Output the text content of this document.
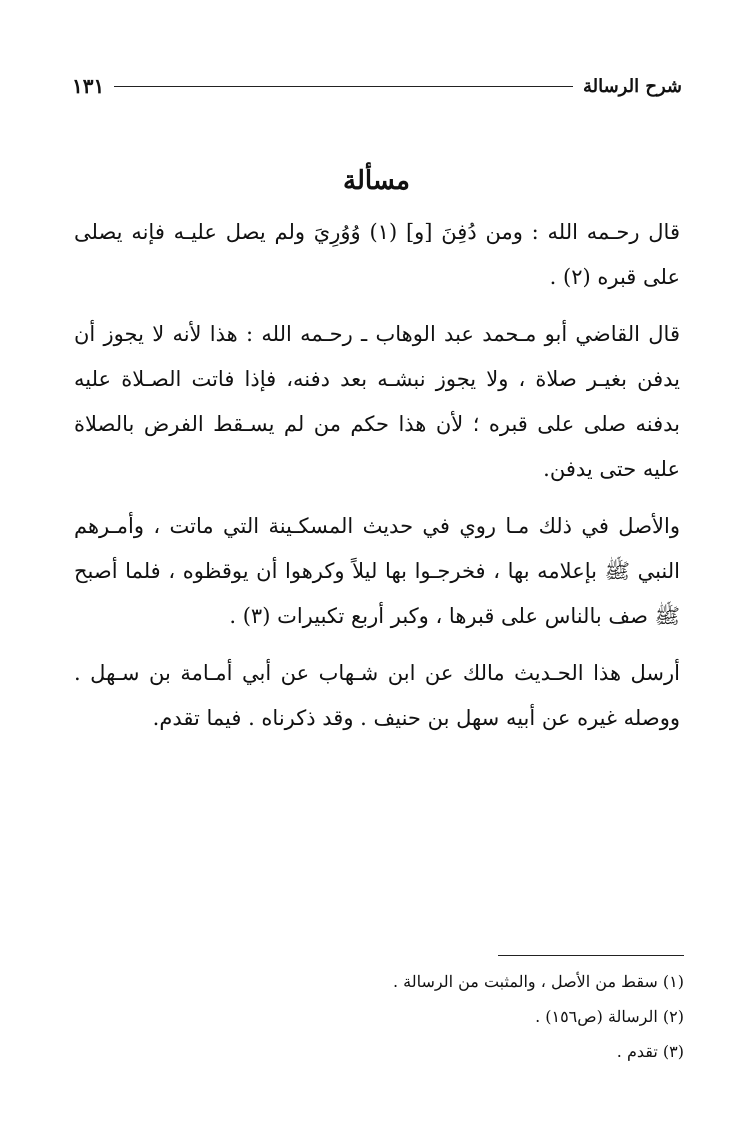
شرح الرسالة
١٣١
مسألة

قال رحـمه الله : ومن دُفِنَ [و] (١) وُوُرِيَ ولم يصل عليـه فإنه يصلى على قبره (٢) .

قال القاضي أبو مـحمد عبد الوهاب ـ رحـمه الله : هذا لأنه لا يجوز أن يدفن بغيـر صلاة ، ولا يجوز نبشـه بعد دفنه، فإذا فاتت الصـلاة عليه بدفنه صلى على قبره ؛ لأن هذا حكم من لم يسـقط الفرض بالصلاة عليه حتى يدفن.

والأصل في ذلك مـا روي في حديث المسكـينة التي ماتت ، وأمـرهم النبي ﷺ بإعلامه بها ، فخرجـوا بها ليلاً وكرهوا أن يوقظوه ، فلما أصبح ﷺ صف بالناس على قبرها ، وكبر أربع تكبيرات (٣) .

أرسل هذا الحـديث مالك عن ابن شـهاب عن أبي أمـامة بن سـهل . ووصله غيره عن أبيه سهل بن حنيف . وقد ذكرناه . فيما تقدم.

(١) سقط من الأصل ، والمثبت من الرسالة .
(٢) الرسالة (ص١٥٦) .
(٣) تقدم .
